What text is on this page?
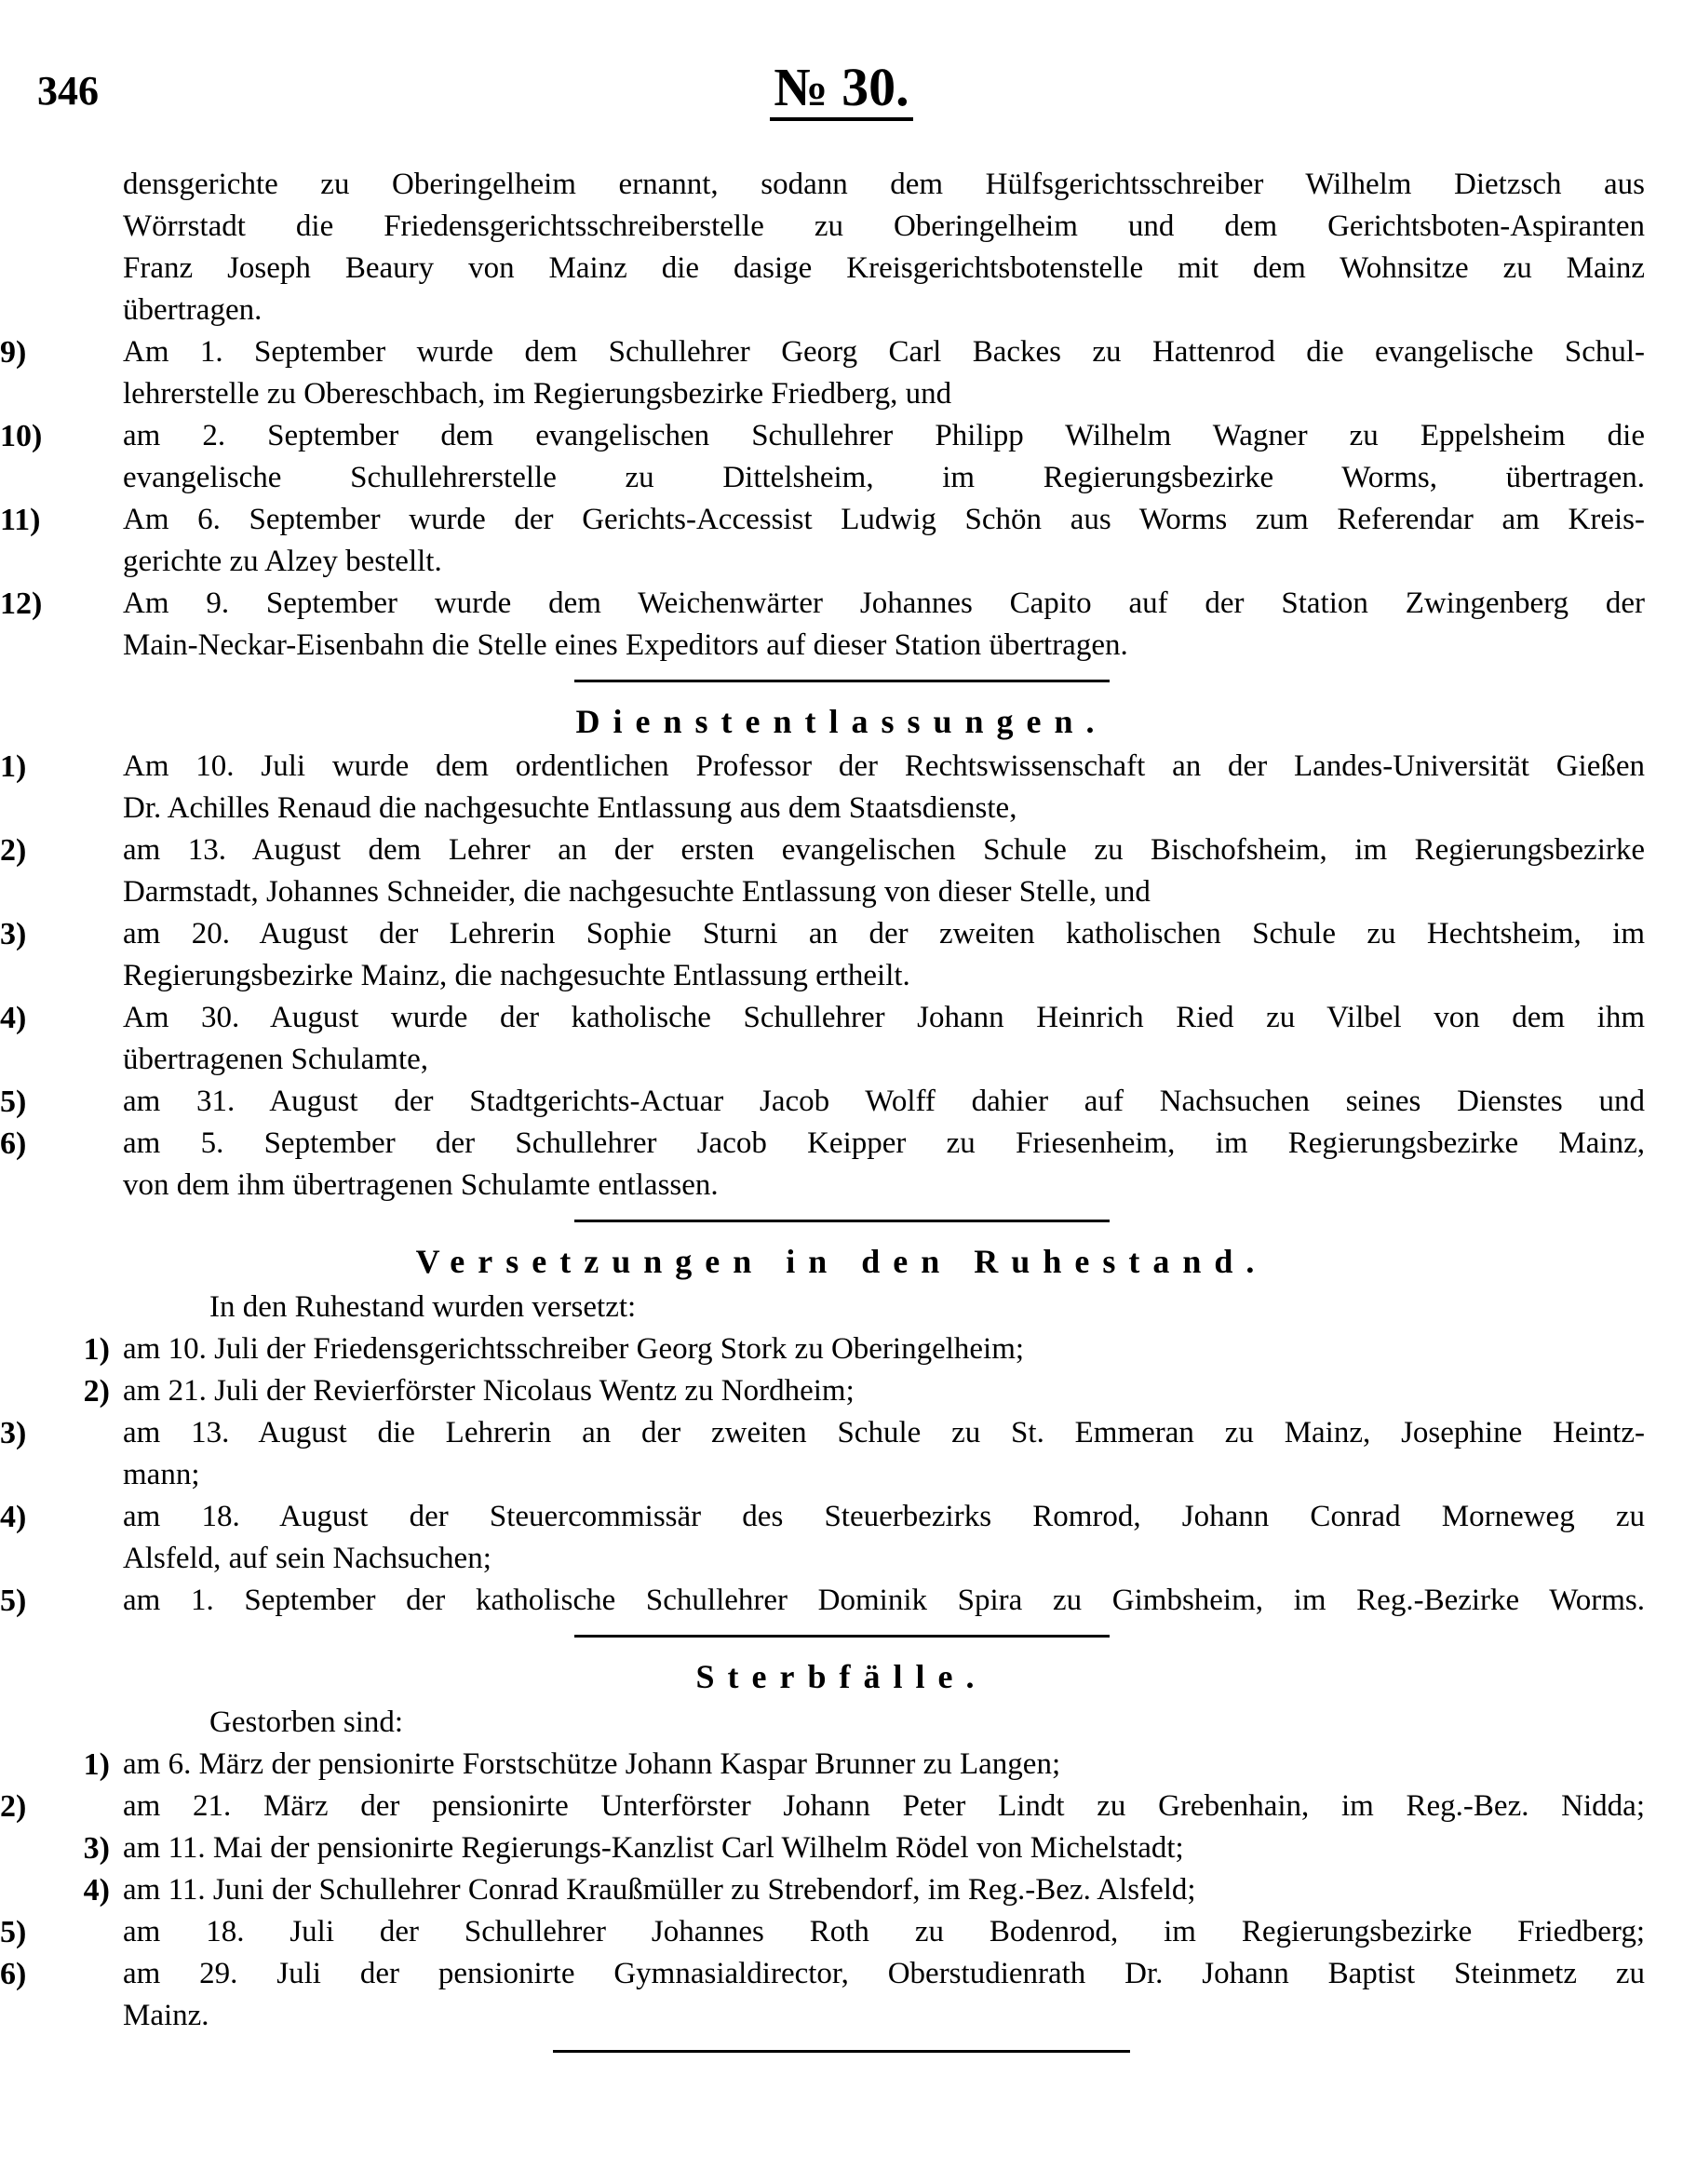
346	№ 30.
densgerichte zu Oberingelheim ernannt, sodann dem Hülfsgerichtsschreiber Wilhelm Dietzsch aus
Wörrstadt die Friedensgerichtsschreiberstelle zu Oberingelheim und dem Gerichtsboten-Aspiranten
Franz Joseph Beaury von Mainz die dasige Kreisgerichtsbotenstelle mit dem Wohnsitze zu Mainz
übertragen.
9)	Am 1. September wurde dem Schullehrer Georg Carl Backes zu Hattenrod die evangelische Schul-
lehrerstelle zu Obereschbach, im Regierungsbezirke Friedberg, und
10)	am 2. September dem evangelischen Schullehrer Philipp Wilhelm Wagner zu Eppelsheim die
evangelische Schullehrerstelle zu Dittelsheim, im Regierungsbezirke Worms, übertragen.
11)	Am 6. September wurde der Gerichts-Accessist Ludwig Schön aus Worms zum Referendar am Kreis-
gerichte zu Alzey bestellt.
12)	Am 9. September wurde dem Weichenwärter Johannes Capito auf der Station Zwingenberg der
Main-Neckar-Eisenbahn die Stelle eines Expeditors auf dieser Station übertragen.
Dienstentlassungen.
1)	Am 10. Juli wurde dem ordentlichen Professor der Rechtswissenschaft an der Landes-Universität Gießen
Dr. Achilles Renaud die nachgesuchte Entlassung aus dem Staatsdienste,
2)	am 13. August dem Lehrer an der ersten evangelischen Schule zu Bischofsheim, im Regierungsbezirke
Darmstadt, Johannes Schneider, die nachgesuchte Entlassung von dieser Stelle, und
3)	am 20. August der Lehrerin Sophie Sturni an der zweiten katholischen Schule zu Hechtsheim, im
Regierungsbezirke Mainz, die nachgesuchte Entlassung ertheilt.
4)	Am 30. August wurde der katholische Schullehrer Johann Heinrich Ried zu Vilbel von dem ihm
übertragenen Schulamte,
5)	am 31. August der Stadtgerichts-Actuar Jacob Wolff dahier auf Nachsuchen seines Dienstes und
6)	am 5. September der Schullehrer Jacob Keipper zu Friesenheim, im Regierungsbezirke Mainz,
von dem ihm übertragenen Schulamte entlassen.
Versetzungen in den Ruhestand.
In den Ruhestand wurden versetzt:
1) am 10. Juli der Friedensgerichtsschreiber Georg Stork zu Oberingelheim;
2) am 21. Juli der Revierförster Nicolaus Wentz zu Nordheim;
3)	am 13. August die Lehrerin an der zweiten Schule zu St. Emmeran zu Mainz, Josephine Heintz-
mann;
4)	am 18. August der Steuercommissär des Steuerbezirks Romrod, Johann Conrad Morneweg zu
Alsfeld, auf sein Nachsuchen;
5)	am 1. September der katholische Schullehrer Dominik Spira zu Gimbsheim, im Reg.-Bezirke Worms.
Sterbfälle.
Gestorben sind:
1) am 6. März der pensionirte Forstschütze Johann Kaspar Brunner zu Langen;
2)	am 21. März der pensionirte Unterförster Johann Peter Lindt zu Grebenhain, im Reg.-Bez. Nidda;
3) am 11. Mai der pensionirte Regierungs-Kanzlist Carl Wilhelm Rödel von Michelstadt;
4) am 11. Juni der Schullehrer Conrad Kraußmüller zu Strebendorf, im Reg.-Bez. Alsfeld;
5)	am 18. Juli der Schullehrer Johannes Roth zu Bodenrod, im Regierungsbezirke Friedberg;
6)	am 29. Juli der pensionirte Gymnasialdirector, Oberstudienrath Dr. Johann Baptist Steinmetz zu
Mainz.
